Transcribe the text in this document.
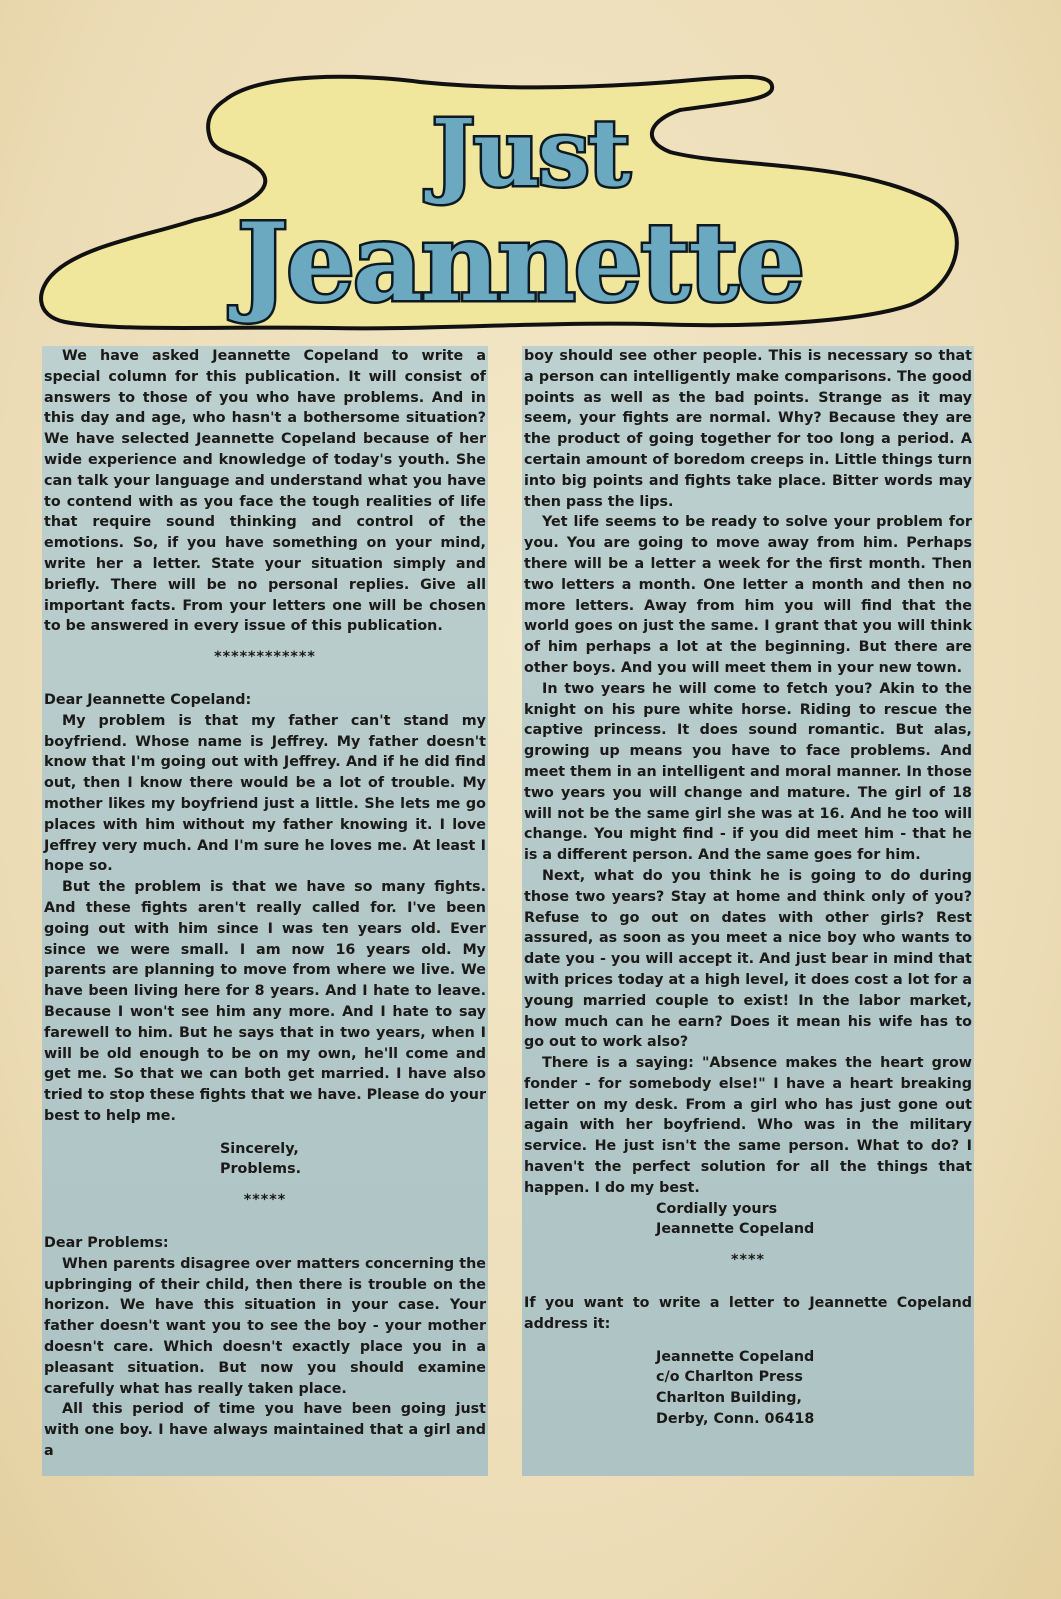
Just
Jeannette

We have asked Jeannette Copeland to write a special column for this publication. It will consist of answers to those of you who have problems. And in this day and age, who hasn't a bothersome situation? We have selected Jeannette Copeland because of her wide experience and knowledge of today's youth. She can talk your language and understand what you have to contend with as you face the tough realities of life that require sound thinking and control of the emotions. So, if you have something on your mind, write her a letter. State your situation simply and briefly. There will be no personal replies. Give all important facts. From your letters one will be chosen to be answered in every issue of this publication.

************

Dear Jeannette Copeland:

My problem is that my father can't stand my boyfriend. Whose name is Jeffrey. My father doesn't know that I'm going out with Jeffrey. And if he did find out, then I know there would be a lot of trouble. My mother likes my boyfriend just a little. She lets me go places with him without my father knowing it. I love Jeffrey very much. And I'm sure he loves me. At least I hope so.

But the problem is that we have so many fights. And these fights aren't really called for. I've been going out with him since I was ten years old. Ever since we were small. I am now 16 years old. My parents are planning to move from where we live. We have been living here for 8 years. And I hate to leave. Because I won't see him any more. And I hate to say farewell to him. But he says that in two years, when I will be old enough to be on my own, he'll come and get me. So that we can both get married. I have also tried to stop these fights that we have. Please do your best to help me.

Sincerely,

Problems.

*****

Dear Problems:

When parents disagree over matters concerning the upbringing of their child, then there is trouble on the horizon. We have this situation in your case. Your father doesn't want you to see the boy - your mother doesn't care. Which doesn't exactly place you in a pleasant situation. But now you should examine carefully what has really taken place.

All this period of time you have been going just with one boy. I have always maintained that a girl and a

boy should see other people. This is necessary so that a person can intelligently make comparisons. The good points as well as the bad points. Strange as it may seem, your fights are normal. Why? Because they are the product of going together for too long a period. A certain amount of boredom creeps in. Little things turn into big points and fights take place. Bitter words may then pass the lips.

Yet life seems to be ready to solve your problem for you. You are going to move away from him. Perhaps there will be a letter a week for the first month. Then two letters a month. One letter a month and then no more letters. Away from him you will find that the world goes on just the same. I grant that you will think of him perhaps a lot at the beginning. But there are other boys. And you will meet them in your new town.

In two years he will come to fetch you? Akin to the knight on his pure white horse. Riding to rescue the captive princess. It does sound romantic. But alas, growing up means you have to face problems. And meet them in an intelligent and moral manner. In those two years you will change and mature. The girl of 18 will not be the same girl she was at 16. And he too will change. You might find - if you did meet him - that he is a different person. And the same goes for him.

Next, what do you think he is going to do during those two years? Stay at home and think only of you? Refuse to go out on dates with other girls? Rest assured, as soon as you meet a nice boy who wants to date you - you will accept it. And just bear in mind that with prices today at a high level, it does cost a lot for a young married couple to exist! In the labor market, how much can he earn? Does it mean his wife has to go out to work also?

There is a saying: "Absence makes the heart grow fonder - for somebody else!" I have a heart breaking letter on my desk. From a girl who has just gone out again with her boyfriend. Who was in the military service. He just isn't the same person. What to do? I haven't the perfect solution for all the things that happen. I do my best.

Cordially yours

Jeannette Copeland

****

If you want to write a letter to Jeannette Copeland address it:

Jeannette Copeland

c/o Charlton Press

Charlton Building,

Derby, Conn. 06418
